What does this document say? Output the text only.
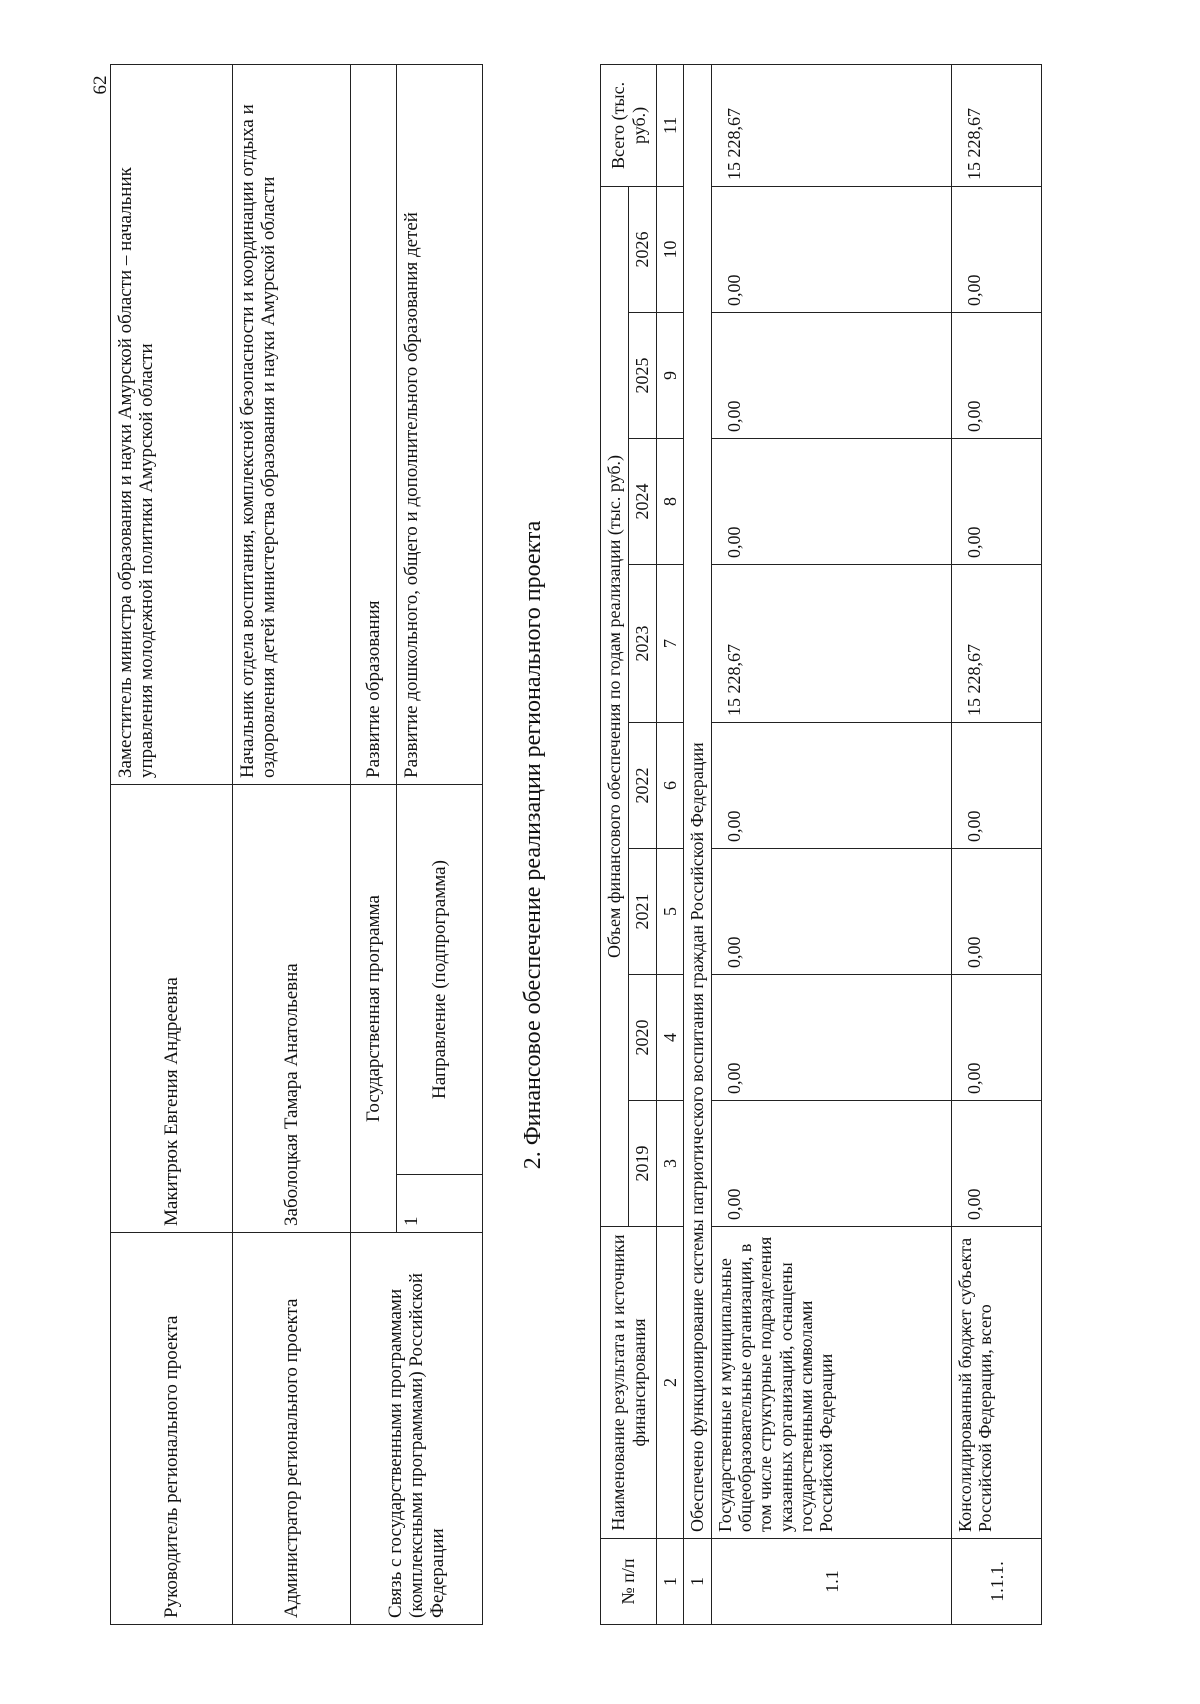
62
Руководитель регионального проекта	Макитрюк Евгения Андреевна		Заместитель министра образования и науки Амурской области – начальник управления молодежной политики Амурской области
Администратор регионального проекта	Заболоцкая Тамара Анатольевна		Начальник отдела воспитания, комплексной безопасности и координации отдыха и оздоровления детей министерства образования и науки Амурской области
Связь с государственными программами (комплексными программами) Российской Федерации	Государственная программа		Развитие образования
	1	Направление (подпрограмма)	Развитие дошкольного, общего и дополнительного образования детей
2. Финансовое обеспечение реализации регионального проекта
№ п/п	Наименование результата и источники финансирования	Объем финансового обеспечения по годам реализации (тыс. руб.)								Всего (тыс. руб.)
		2019	2020	2021	2022	2023	2024	2025	2026	
1	2	3	4	5	6	7	8	9	10	11
1	Обеспечено функционирование системы патриотического воспитания граждан Российской Федерации									
1.1	Государственные и муниципальные общеобразовательные организации, в том числе структурные подразделения указанных организаций, оснащены государственными символами Российской Федерации	0,00	0,00	0,00	0,00	15 228,67	0,00	0,00	0,00	15 228,67
1.1.1.	Консолидированный бюджет субъекта Российской Федерации, всего	0,00	0,00	0,00	0,00	15 228,67	0,00	0,00	0,00	15 228,67
